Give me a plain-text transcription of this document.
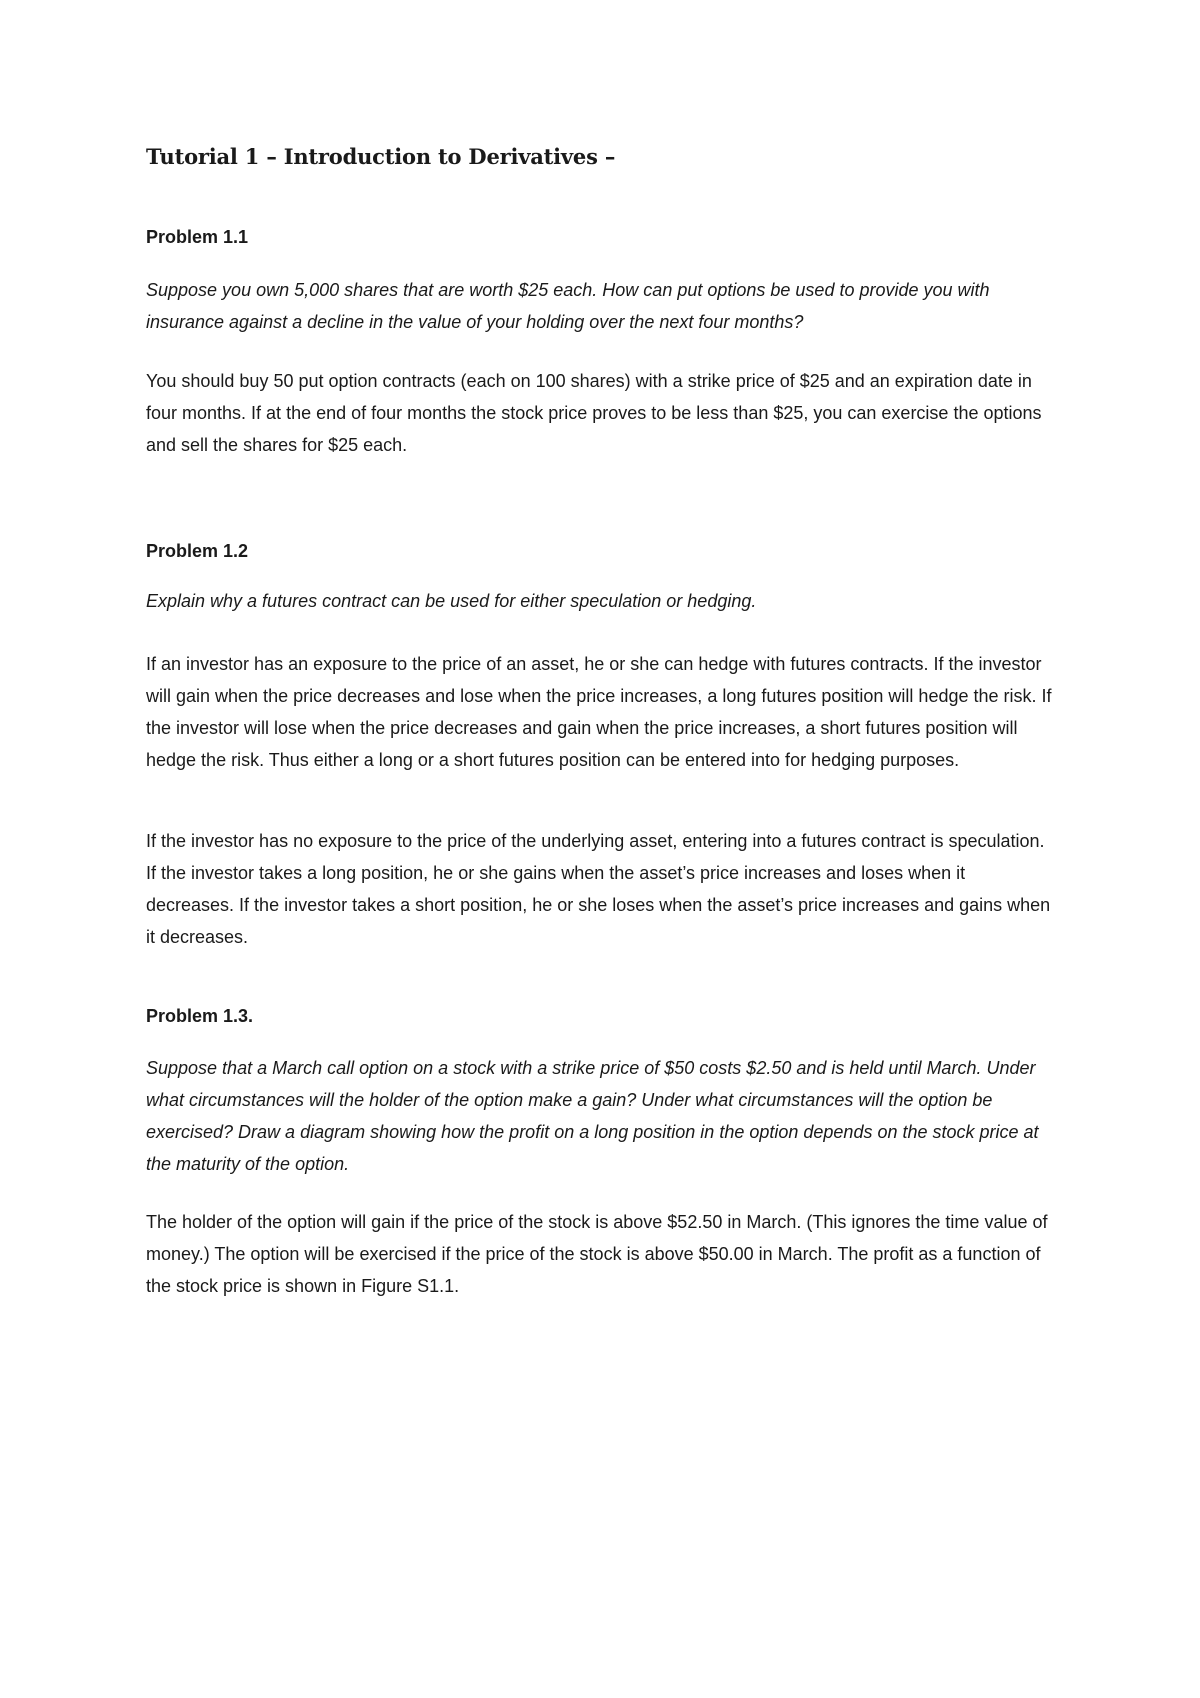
Tutorial 1 – Introduction to Derivatives –
Problem 1.1

Suppose you own 5,000 shares that are worth $25 each. How can put options be used to provide you with insurance against a decline in the value of your holding over the next four months?

You should buy 50 put option contracts (each on 100 shares) with a strike price of $25 and an expiration date in four months. If at the end of four months the stock price proves to be less than $25, you can exercise the options and sell the shares for $25 each.

Problem 1.2

Explain why a futures contract can be used for either speculation or hedging.

If an investor has an exposure to the price of an asset, he or she can hedge with futures contracts. If the investor will gain when the price decreases and lose when the price increases, a long futures position will hedge the risk. If the investor will lose when the price decreases and gain when the price increases, a short futures position will hedge the risk. Thus either a long or a short futures position can be entered into for hedging purposes.

If the investor has no exposure to the price of the underlying asset, entering into a futures contract is speculation. If the investor takes a long position, he or she gains when the asset’s price increases and loses when it decreases. If the investor takes a short position, he or she loses when the asset’s price increases and gains when it decreases.

Problem 1.3.

Suppose that a March call option on a stock with a strike price of $50 costs $2.50 and is held until March. Under what circumstances will the holder of the option make a gain? Under what circumstances will the option be exercised? Draw a diagram showing how the profit on a long position in the option depends on the stock price at the maturity of the option.

The holder of the option will gain if the price of the stock is above $52.50 in March. (This ignores the time value of money.) The option will be exercised if the price of the stock is above $50.00 in March. The profit as a function of the stock price is shown in Figure S1.1.
